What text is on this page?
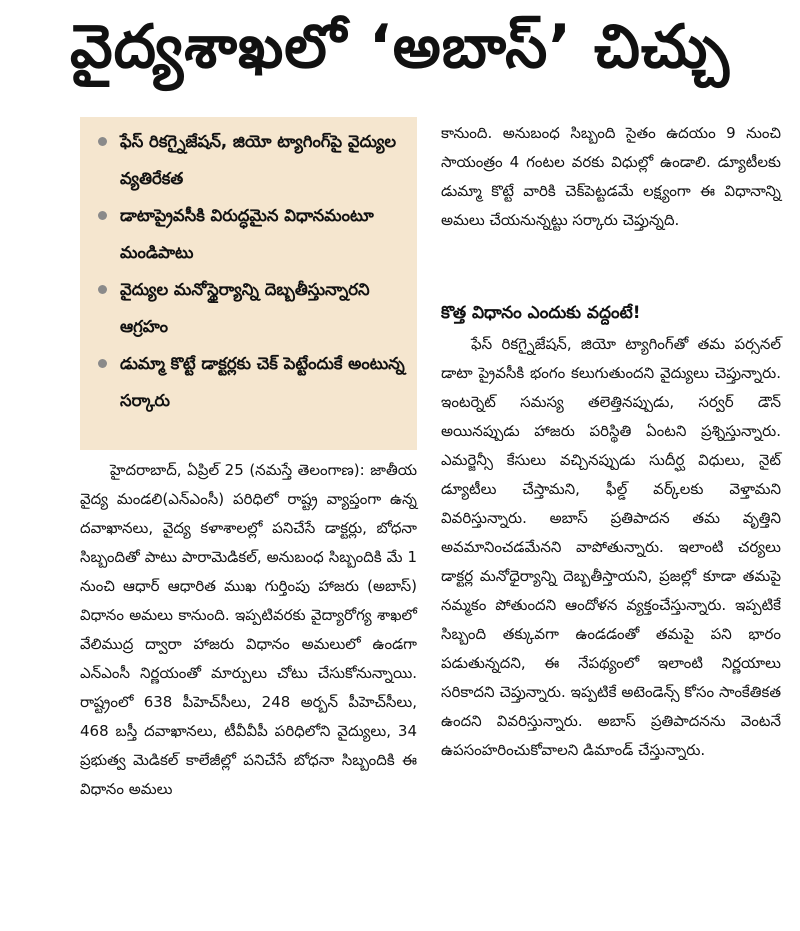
వైద్యశాఖలో ‘అబాస్‌’ చిచ్చు
ఫేస్‌ రికగ్నైజేషన్‌, జియో ట్యాగింగ్‌పై వైద్యుల వ్యతిరేకత
డాటాప్రైవసీకి విరుద్ధమైన విధానమంటూ మండిపాటు
వైద్యుల మనోస్థైర్యాన్ని దెబ్బతీస్తున్నారని ఆగ్రహం
డుమ్మా కొట్టే డాక్టర్లకు చెక్‌ పెట్టేందుకే అంటున్న సర్కారు
హైదరాబాద్‌, ఏప్రిల్‌ 25 (నమస్తే తెలంగాణ): జాతీయ వైద్య మండలి(ఎన్‌ఎంసీ) పరిధిలో రాష్ట్ర వ్యాప్తంగా ఉన్న దవాఖానలు, వైద్య కళాశాలల్లో పనిచేసే డాక్టర్లు, బోధనా సిబ్బందితో పాటు పారామెడికల్‌, అనుబంధ సిబ్బందికి మే 1 నుంచి ఆధార్‌ ఆధారిత ముఖ గుర్తింపు హాజరు (అబాస్‌) విధానం అమలు కానుంది. ఇప్పటివరకు వైద్యారోగ్య శాఖలో వేలిముద్ర ద్వారా హాజరు విధానం అమలులో ఉండగా ఎన్‌ఎంసీ నిర్ణయంతో మార్పులు చోటు చేసుకోనున్నాయి. రాష్ట్రంలో 638 పీహెచ్‌సీలు, 248 అర్బన్‌ పీహెచ్‌సీలు, 468 బస్తీ దవాఖానలు, టీవీవీపీ పరిధిలోని వైద్యులు, 34 ప్రభుత్వ మెడికల్‌ కాలేజీల్లో పనిచేసే బోధనా సిబ్బందికి ఈ విధానం అమలు
కానుంది. అనుబంధ సిబ్బంది సైతం ఉదయం 9 నుంచి సాయంత్రం 4 గంటల వరకు విధుల్లో ఉండాలి. డ్యూటీలకు డుమ్మా కొట్టే వారికి చెక్‌పెట్టడమే లక్ష్యంగా ఈ విధానాన్ని అమలు చేయనున్నట్టు సర్కారు చెప్తున్నది.
కొత్త విధానం ఎందుకు వద్దంటే!
ఫేస్‌ రికగ్నైజేషన్‌, జియో ట్యాగింగ్‌తో తమ పర్సనల్‌ డాటా ప్రైవసీకి భంగం కలుగుతుందని వైద్యులు చెప్తున్నారు. ఇంటర్నెట్‌ సమస్య తలెత్తినప్పుడు, సర్వర్‌ డౌన్‌ అయినప్పుడు హాజరు పరిస్థితి ఏంటని ప్రశ్నిస్తున్నారు. ఎమర్జెన్సీ కేసులు వచ్చినప్పుడు సుదీర్ఘ విధులు, నైట్‌ డ్యూటీలు చేస్తామని, ఫీల్డ్‌ వర్క్‌లకు వెళ్తామని వివరిస్తున్నారు. అబాస్‌ ప్రతిపాదన తమ వృత్తిని అవమానించడమేనని వాపోతున్నారు. ఇలాంటి చర్యలు డాక్టర్ల మనోధైర్యాన్ని దెబ్బతీస్తాయని, ప్రజల్లో కూడా తమపై నమ్మకం పోతుందని ఆందోళన వ్యక్తంచేస్తున్నారు. ఇప్పటికే సిబ్బంది తక్కువగా ఉండడంతో తమపై పని భారం పడుతున్నదని, ఈ నేపథ్యంలో ఇలాంటి నిర్ణయాలు సరికాదని చెప్తున్నారు. ఇప్పటికే అటెండెన్స్‌ కోసం సాంకేతికత ఉందని వివరిస్తున్నారు. అబాస్‌ ప్రతిపాదనను వెంటనే ఉపసంహరించుకోవాలని డిమాండ్‌ చేస్తున్నారు.
